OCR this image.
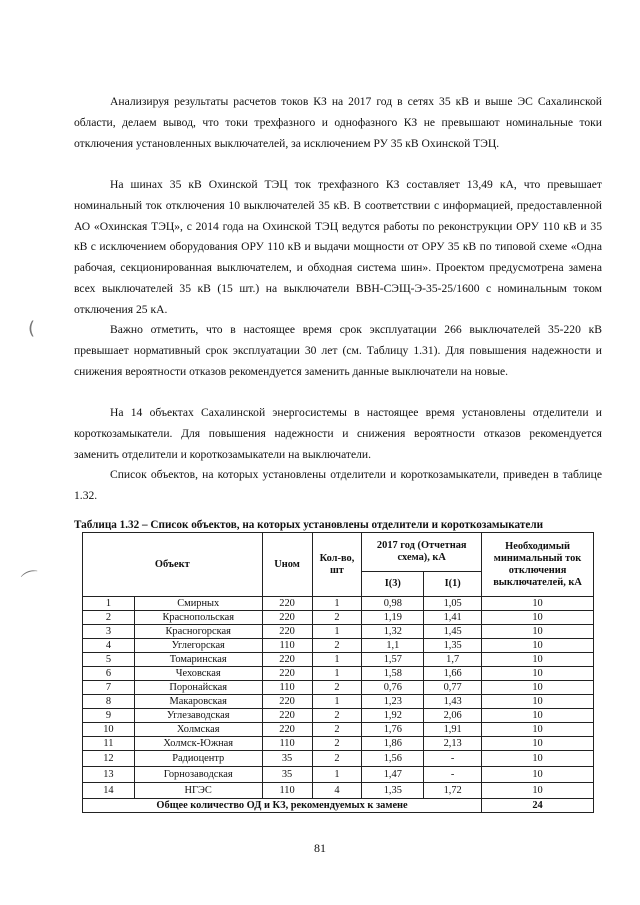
Анализируя результаты расчетов токов КЗ на 2017 год в сетях 35 кВ и выше ЭС Сахалинской области, делаем вывод, что токи трехфазного и однофазного КЗ не превышают номинальные токи отключения установленных выключателей, за исключением РУ 35 кВ Охинской ТЭЦ.

На шинах 35 кВ Охинской ТЭЦ ток трехфазного КЗ составляет 13,49 кА, что превышает номинальный ток отключения 10 выключателей 35 кВ. В соответствии с информацией, предоставленной АО «Охинская ТЭЦ», с 2014 года на Охинской ТЭЦ ведутся работы по реконструкции ОРУ 110 кВ и 35 кВ с исключением оборудования ОРУ 110 кВ и выдачи мощности от ОРУ 35 кВ по типовой схеме «Одна рабочая, секционированная выключателем, и обходная система шин». Проектом предусмотрена замена всех выключателей 35 кВ (15 шт.) на выключатели ВВН-СЭЩ-Э-35-25/1600 с номинальным током отключения 25 кА.

Важно отметить, что в настоящее время срок эксплуатации 266 выключателей 35-220 кВ превышает нормативный срок эксплуатации 30 лет (см. Таблицу 1.31). Для повышения надежности и снижения вероятности отказов рекомендуется заменить данные выключатели на новые.

На 14 объектах Сахалинской энергосистемы в настоящее время установлены отделители и короткозамыкатели. Для повышения надежности и снижения вероятности отказов рекомендуется заменить отделители и короткозамыкатели на выключатели.

Список объектов, на которых установлены отделители и короткозамыкатели, приведен в таблице 1.32.

Таблица 1.32 – Список объектов, на которых установлены отделители и короткозамыкатели
Объект		Uном	Кол-во, шт	2017 год (Отчетная схема), кА		Необходимый минимальный ток отключения выключателей, кА
				I(3)	I(1)	
1	Смирных	220	1	0,98	1,05	10
2	Краснопольская	220	2	1,19	1,41	10
3	Красногорская	220	1	1,32	1,45	10
4	Углегорская	110	2	1,1	1,35	10
5	Томаринская	220	1	1,57	1,7	10
6	Чеховская	220	1	1,58	1,66	10
7	Поронайская	110	2	0,76	0,77	10
8	Макаровская	220	1	1,23	1,43	10
9	Углезаводская	220	2	1,92	2,06	10
10	Холмская	220	2	1,76	1,91	10
11	Холмск-Южная	110	2	1,86	2,13	10
12	Радиоцентр	35	2	1,56	-	10
13	Горнозаводская	35	1	1,47	-	10
14	НГЭС	110	4	1,35	1,72	10
Общее количество ОД и КЗ, рекомендуемых к замене						24
81
(
⌒
